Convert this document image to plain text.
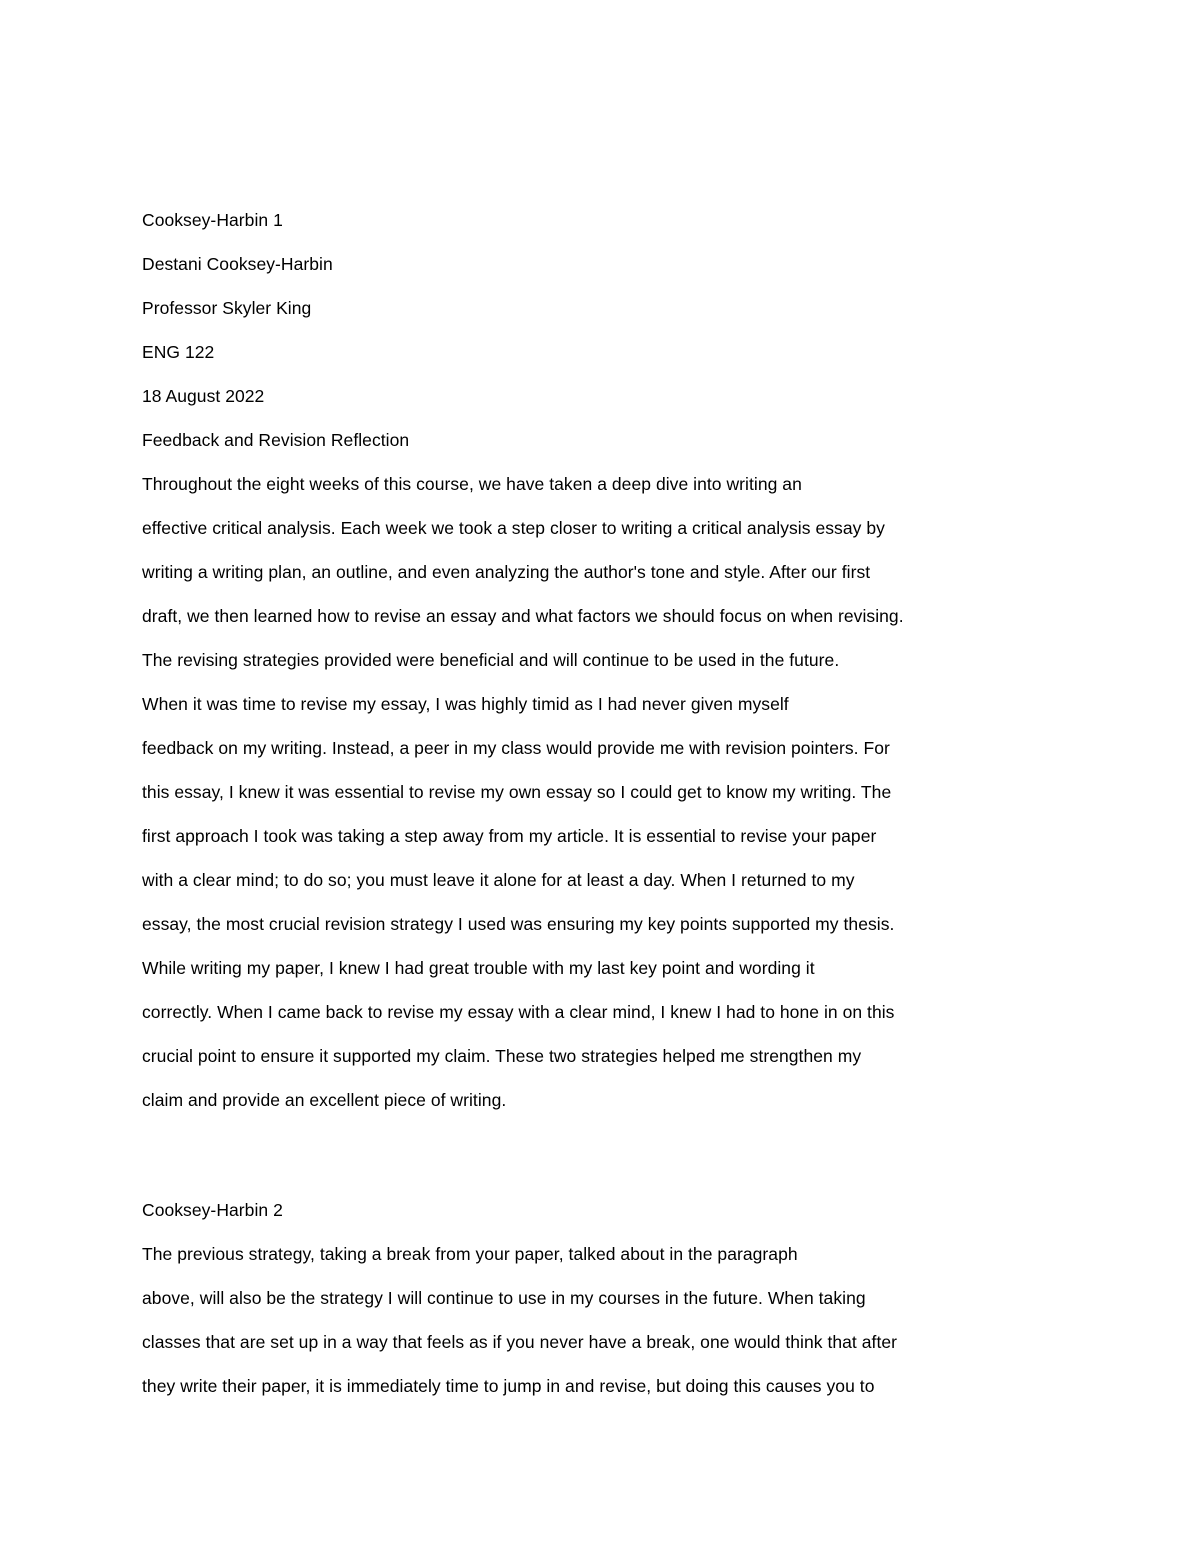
Cooksey-Harbin 1
Destani Cooksey-Harbin
Professor Skyler King
ENG 122
18 August 2022
Feedback and Revision Reflection
Throughout the eight weeks of this course, we have taken a deep dive into writing an
effective critical analysis. Each week we took a step closer to writing a critical analysis essay by
writing a writing plan, an outline, and even analyzing the author's tone and style. After our first
draft, we then learned how to revise an essay and what factors we should focus on when revising.
The revising strategies provided were beneficial and will continue to be used in the future.
When it was time to revise my essay, I was highly timid as I had never given myself
feedback on my writing. Instead, a peer in my class would provide me with revision pointers. For
this essay, I knew it was essential to revise my own essay so I could get to know my writing. The
first approach I took was taking a step away from my article. It is essential to revise your paper
with a clear mind; to do so; you must leave it alone for at least a day. When I returned to my
essay, the most crucial revision strategy I used was ensuring my key points supported my thesis.
While writing my paper, I knew I had great trouble with my last key point and wording it
correctly. When I came back to revise my essay with a clear mind, I knew I had to hone in on this
crucial point to ensure it supported my claim. These two strategies helped me strengthen my
claim and provide an excellent piece of writing.
Cooksey-Harbin 2
The previous strategy, taking a break from your paper, talked about in the paragraph
above, will also be the strategy I will continue to use in my courses in the future. When taking
classes that are set up in a way that feels as if you never have a break, one would think that after
they write their paper, it is immediately time to jump in and revise, but doing this causes you to
